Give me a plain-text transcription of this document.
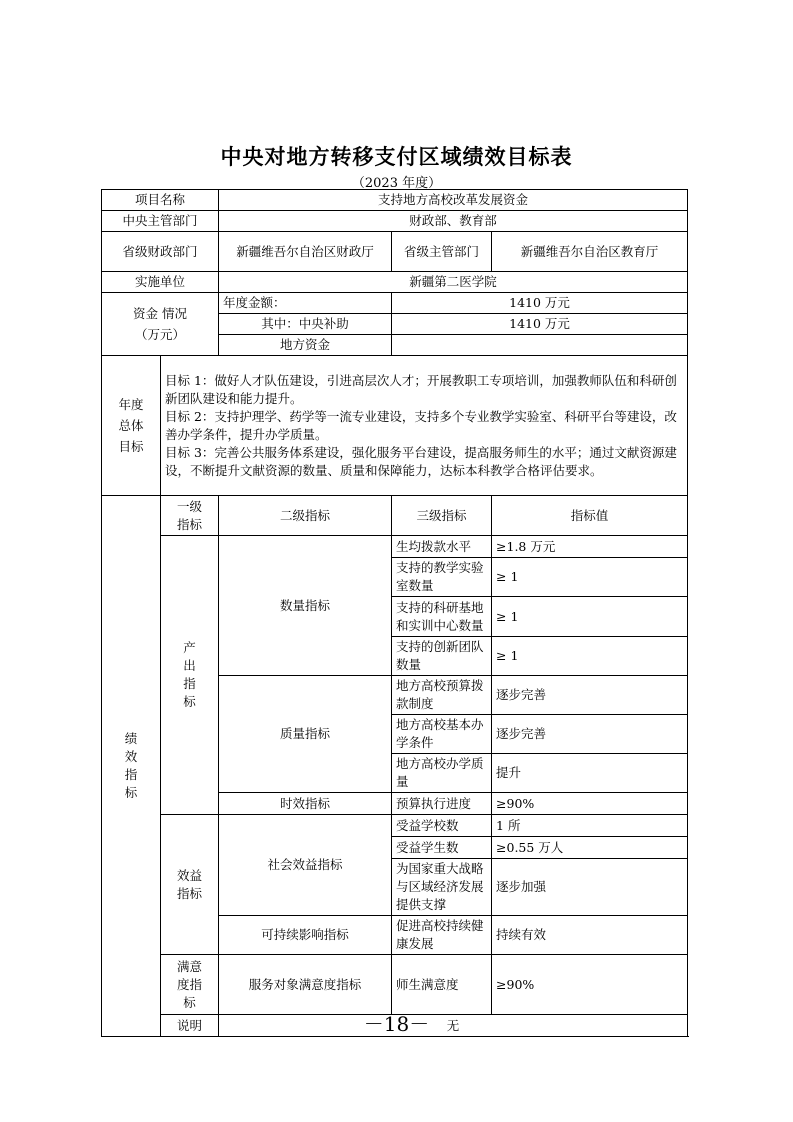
中央对地方转移支付区域绩效目标表
（2023 年度）
项目名称		支持地方高校改革发展资金		
中央主管部门		财政部、教育部		
省级财政部门		新疆维吾尔自治区财政厅	省级主管部门	新疆维吾尔自治区教育厅
实施单位		新疆第二医学院		
资金 情况 （万元）		年度金额：	1410 万元	
		其中：中央补助	1410 万元	
		地方资金		
年度 总体 目标	目标 1：做好人才队伍建设，引进高层次人才；开展教职工专项培训，加强教师队伍和科研创新团队建设和能力提升。
目标 2：支持护理学、药学等一流专业建设，支持多个专业教学实验室、科研平台等建设，改善办学条件，提升办学质量。
目标 3：完善公共服务体系建设，强化服务平台建设，提高服务师生的水平；通过文献资源建设，不断提升文献资源的数量、质量和保障能力，达标本科教学合格评估要求。			

绩效 指标	一级 指标	二级指标	三级指标	指标值
	产 出 指 标	数量指标	生均拨款水平	≥1.8 万元
			支持的教学实验室数量	≥ 1
			支持的科研基地和实训中心数量	≥ 1
			支持的创新团队数量	≥ 1
		质量指标	地方高校预算拨款制度	逐步完善
			地方高校基本办学条件	逐步完善
			地方高校办学质量	提升
		时效指标	预算执行进度	≥90%
	效益 指标	社会效益指标	受益学校数	1 所
			受益学生数	≥0.55 万人
			为国家重大战略与区域经济发展提供支撑	逐步加强
		可持续影响指标	促进高校持续健康发展	持续有效
	满意 度指 标	服务对象满意度指标	师生满意度	≥90%
	说明	无		
－18－
